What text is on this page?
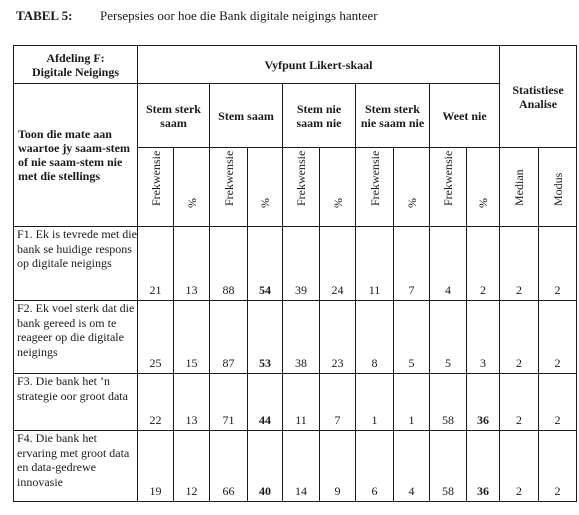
TABEL 5: Persepsies oor hoe die Bank digitale neigings hanteer
Afdeling F:
Digitale Neigings	Vyfpunt Likert-skaal										Statistiese Analise	
Toon die mate aan waartoe jy saam-stem of nie saam-stem nie met die stellings	Stem sterk saam		Stem saam		Stem nie saam nie		Stem sterk nie saam nie		Weet nie			

	Frekwensie	%	Frekwensie	%	Frekwensie	%	Frekwensie	%	Frekwensie	%	Median	Modus

F1. Ek is tevrede met die bank se huidige respons op digitale neigings	21	13	88	54	39	24	11	7	4	2	2	2
F2. Ek voel sterk dat die bank gereed is om te reageer op die digitale neigings	25	15	87	53	38	23	8	5	5	3	2	2
F3. Die bank het ’n strategie oor groot data	22	13	71	44	11	7	1	1	58	36	2	2
F4. Die bank het ervaring met groot data en data-gedrewe innovasie	19	12	66	40	14	9	6	4	58	36	2	2
